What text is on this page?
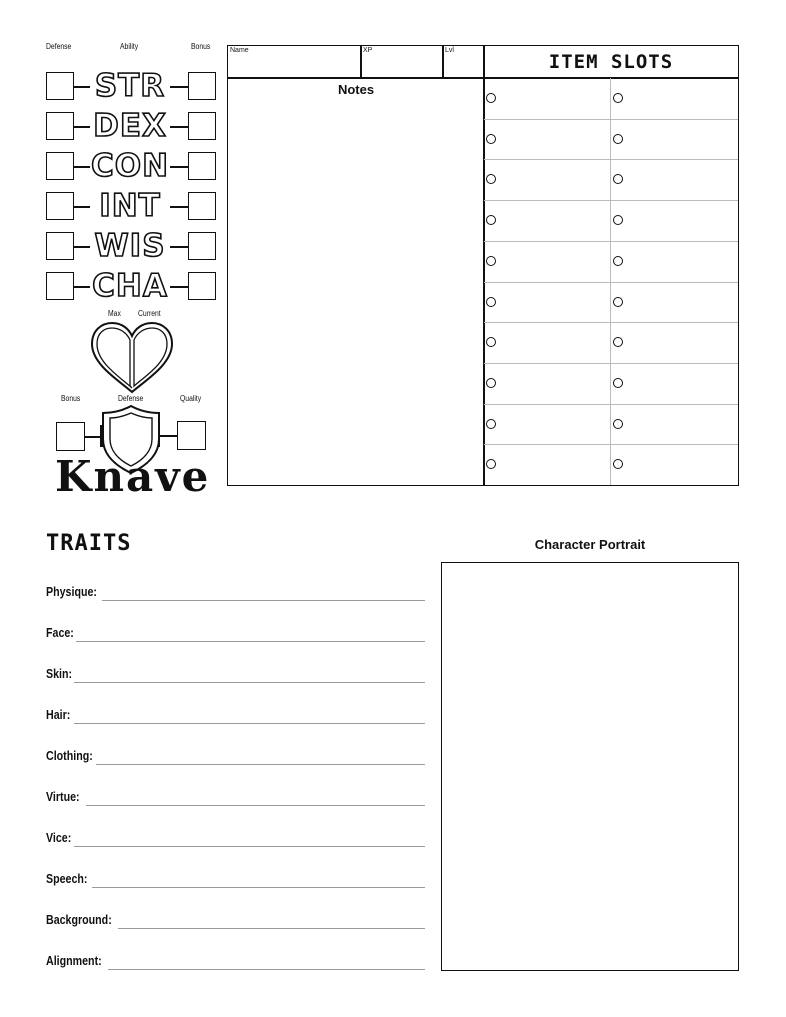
Defense	Ability	Bonus
STR
DEX
CON
INT
WIS
CHA
Max Current
Bonus	Defense	Quality
Knave
Name	XP	Lvl
Notes
ITEM SLOTS
TRAITS
Physique:
Face:
Skin:
Hair:
Clothing:
Virtue:
Vice:
Speech:
Background:
Alignment:
Character Portrait
